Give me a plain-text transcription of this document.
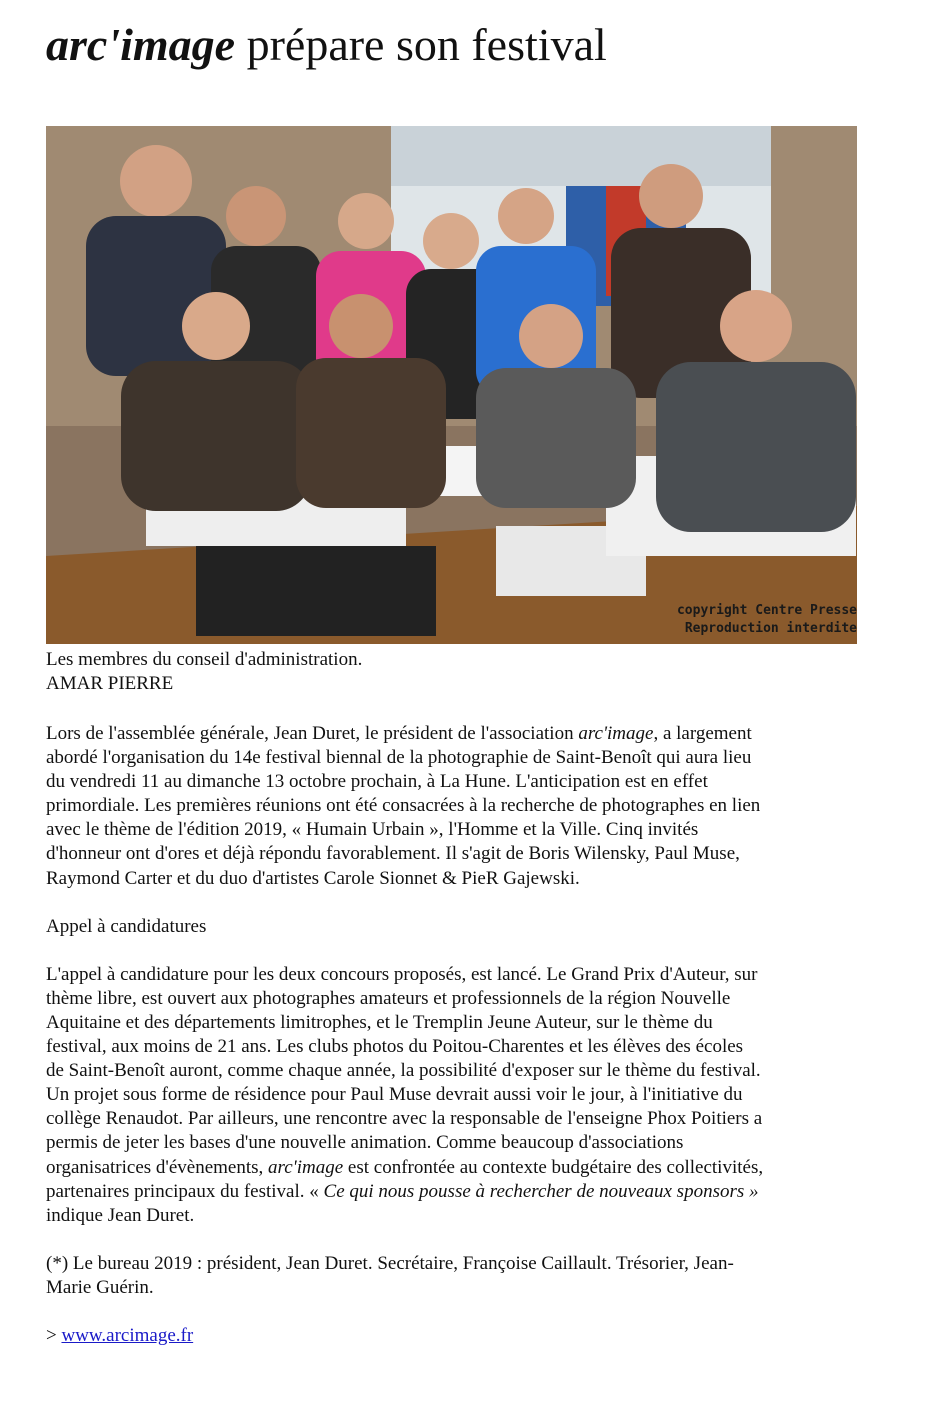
arc'image prépare son festival
copyright Centre Presse
Reproduction interdite
Les membres du conseil d'administration.
AMAR PIERRE

Lors de l'assemblée générale, Jean Duret, le président de l'association arc'image, a largement
abordé l'organisation du 14e festival biennal de la photographie de Saint-Benoît qui aura lieu
du vendredi 11 au dimanche 13 octobre prochain, à La Hune. L'anticipation est en effet
primordiale. Les premières réunions ont été consacrées à la recherche de photographes en lien
avec le thème de l'édition 2019, « Humain Urbain », l'Homme et la Ville. Cinq invités
d'honneur ont d'ores et déjà répondu favorablement. Il s'agit de Boris Wilensky, Paul Muse,
Raymond Carter et du duo d'artistes Carole Sionnet & PieR Gajewski.

Appel à candidatures

L'appel à candidature pour les deux concours proposés, est lancé. Le Grand Prix d'Auteur, sur
thème libre, est ouvert aux photographes amateurs et professionnels de la région Nouvelle
Aquitaine et des départements limitrophes, et le Tremplin Jeune Auteur, sur le thème du
festival, aux moins de 21 ans. Les clubs photos du Poitou-Charentes et les élèves des écoles
de Saint-Benoît auront, comme chaque année, la possibilité d'exposer sur le thème du festival.
Un projet sous forme de résidence pour Paul Muse devrait aussi voir le jour, à l'initiative du
collège Renaudot. Par ailleurs, une rencontre avec la responsable de l'enseigne Phox Poitiers a
permis de jeter les bases d'une nouvelle animation. Comme beaucoup d'associations
organisatrices d'évènements, arc'image est confrontée au contexte budgétaire des collectivités,
partenaires principaux du festival. « Ce qui nous pousse à rechercher de nouveaux sponsors »
indique Jean Duret.

(*) Le bureau 2019 : président, Jean Duret. Secrétaire, Françoise Caillault. Trésorier, Jean-
Marie Guérin.

> www.arcimage.fr
